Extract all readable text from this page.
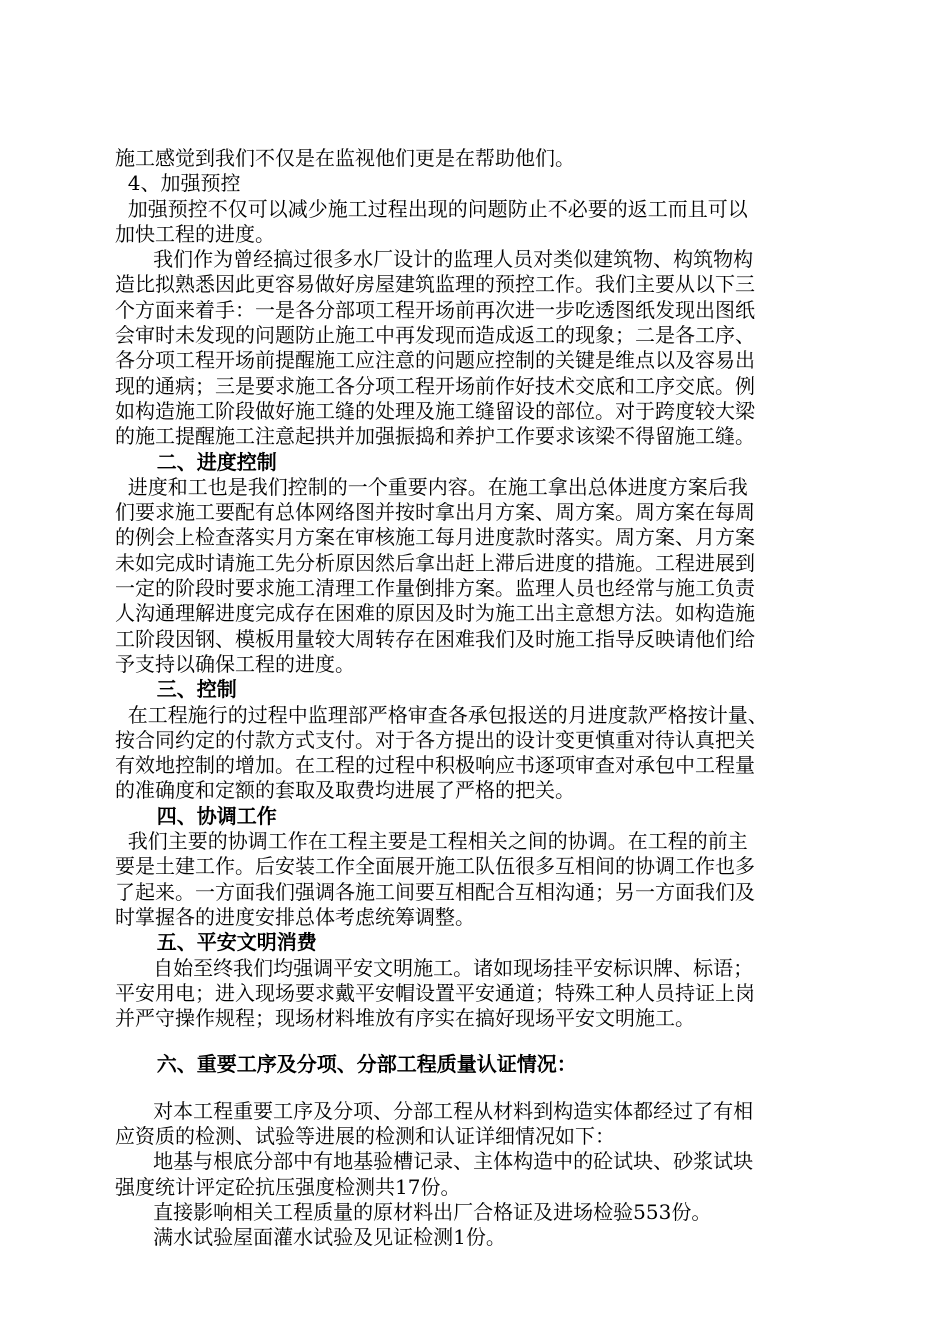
施工感觉到我们不仅是在监视他们更是在帮助他们。
4、加强预控
加强预控不仅可以减少施工过程出现的问题防止不必要的返工而且可以
加快工程的进度。
我们作为曾经搞过很多水厂设计的监理人员对类似建筑物、构筑物构
造比拟熟悉因此更容易做好房屋建筑监理的预控工作。我们主要从以下三
个方面来着手：一是各分部项工程开场前再次进一步吃透图纸发现出图纸
会审时未发现的问题防止施工中再发现而造成返工的现象；二是各工序、
各分项工程开场前提醒施工应注意的问题应控制的关键是维点以及容易出
现的通病；三是要求施工各分项工程开场前作好技术交底和工序交底。例
如构造施工阶段做好施工缝的处理及施工缝留设的部位。对于跨度较大梁
的施工提醒施工注意起拱并加强振捣和养护工作要求该梁不得留施工缝。
二、进度控制
进度和工也是我们控制的一个重要内容。在施工拿出总体进度方案后我
们要求施工要配有总体网络图并按时拿出月方案、周方案。周方案在每周
的例会上检查落实月方案在审核施工每月进度款时落实。周方案、月方案
未如完成时请施工先分析原因然后拿出赶上滞后进度的措施。工程进展到
一定的阶段时要求施工清理工作量倒排方案。监理人员也经常与施工负责
人沟通理解进度完成存在困难的原因及时为施工出主意想方法。如构造施
工阶段因钢、模板用量较大周转存在困难我们及时施工指导反映请他们给
予支持以确保工程的进度。
三、控制
在工程施行的过程中监理部严格审查各承包报送的月进度款严格按计量、
按合同约定的付款方式支付。对于各方提出的设计变更慎重对待认真把关
有效地控制的增加。在工程的过程中积极响应书逐项审查对承包中工程量
的准确度和定额的套取及取费均进展了严格的把关。
四、协调工作
我们主要的协调工作在工程主要是工程相关之间的协调。在工程的前主
要是土建工作。后安装工作全面展开施工队伍很多互相间的协调工作也多
了起来。一方面我们强调各施工间要互相配合互相沟通；另一方面我们及
时掌握各的进度安排总体考虑统筹调整。
五、平安文明消费
自始至终我们均强调平安文明施工。诸如现场挂平安标识牌、标语；
平安用电；进入现场要求戴平安帽设置平安通道；特殊工种人员持证上岗
并严守操作规程；现场材料堆放有序实在搞好现场平安文明施工。
六、重要工序及分项、分部工程质量认证情况：
对本工程重要工序及分项、分部工程从材料到构造实体都经过了有相
应资质的检测、试验等进展的检测和认证详细情况如下：
地基与根底分部中有地基验槽记录、主体构造中的砼试块、砂浆试块
强度统计评定砼抗压强度检测共17份。
直接影响相关工程质量的原材料出厂合格证及进场检验553份。
满水试验屋面灌水试验及见证检测1份。
